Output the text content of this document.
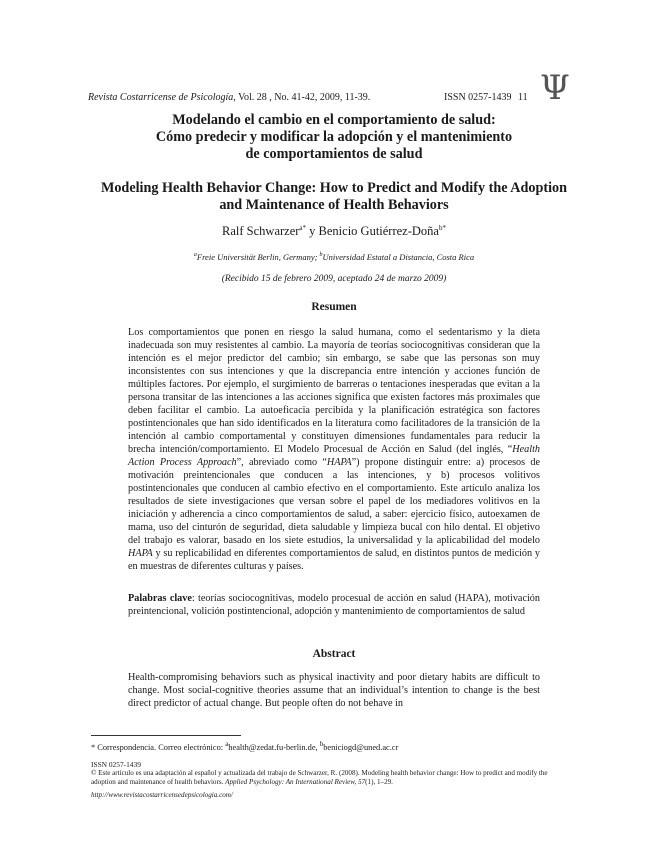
Revista Costarricense de Psicología, Vol. 28 , No. 41-42, 2009, 11-39.	ISSN 0257-1439 11 Ψ
Modelando el cambio en el comportamiento de salud:
Cómo predecir y modificar la adopción y el mantenimiento
de comportamientos de salud
Modeling Health Behavior Change: How to Predict and Modify the Adoption
and Maintenance of Health Behaviors
Ralf Schwarzer$^{a*}$ y Benicio Gutiérrez-Doña$^{b*}$
$^a$Freie Universität Berlin, Germany; $^b$Universidad Estatal a Distancia, Costa Rica
(Recibido 15 de febrero 2009, aceptado 24 de marzo 2009)
Resumen
Los comportamientos que ponen en riesgo la salud humana, como el sedentarismo y la dieta inadecuada son muy resistentes al cambio. La mayoría de teorías sociocognitivas consideran que la intención es el mejor predictor del cambio; sin embargo, se sabe que las personas son muy inconsistentes con sus intenciones y que la discrepancia entre intención y acciones función de múltiples factores. Por ejemplo, el surgimiento de barreras o tentaciones inesperadas que evitan a la persona transitar de las intenciones a las acciones significa que existen factores más proximales que deben facilitar el cambio. La autoeficacia percibida y la planificación estratégica son factores postintencionales que han sido identificados en la literatura como facilitadores de la transición de la intención al cambio comportamental y constituyen dimensiones fundamentales para reducir la brecha intención/comportamiento. El Modelo Procesual de Acción en Salud (del inglés, “Health Action Process Approach”, abreviado como “HAPA”) propone distinguir entre: a) procesos de motivación preintencionales que conducen a las intenciones, y b) procesos volitivos postintencionales que conducen al cambio efectivo en el comportamiento. Este artículo analiza los resultados de siete investigaciones que versan sobre el papel de los mediadores volitivos en la iniciación y adherencia a cinco comportamientos de salud, a saber: ejercicio físico, autoexamen de mama, uso del cinturón de seguridad, dieta saludable y limpieza bucal con hilo dental. El objetivo del trabajo es valorar, basado en los siete estudios, la universalidad y la aplicabilidad del modelo HAPA y su replicabilidad en diferentes comportamientos de salud, en distintos puntos de medición y en muestras de diferentes culturas y países.
Palabras clave: teorías sociocognitivas, modelo procesual de acción en salud (HAPA), motivación preintencional, volición postintencional, adopción y mantenimiento de comportamientos de salud
Abstract
Health-compromising behaviors such as physical inactivity and poor dietary habits are difficult to change. Most social-cognitive theories assume that an individual’s intention to change is the best direct predictor of actual change. But people often do not behave in
* Correspondencia. Correo electrónico: $^a$health@zedat.fu-berlin.de, $^b$beniciogd@uned.ac.cr
ISSN 0257-1439
© Este artículo es una adaptación al español y actualizada del trabajo de Schwarzer, R. (2008). Modeling health behavior change: How to predict and modify the adoption and maintenance of health behaviors. Applied Psychology: An International Review, 57(1), 1–29.
http://www.revistacostarricensedepsicologia.com/
